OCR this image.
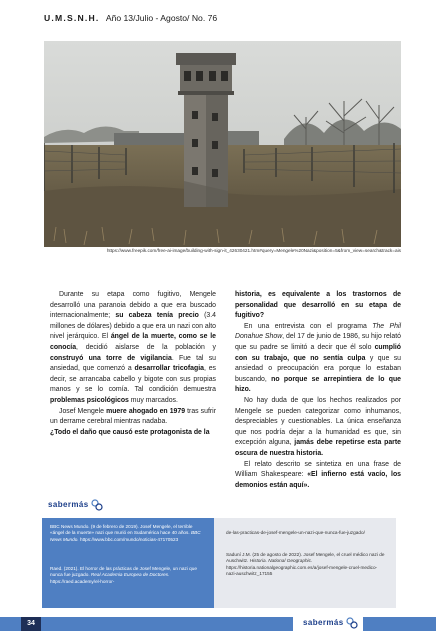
U.M.S.N.H. Año 13/Julio - Agosto/ No. 76
https://www.freepik.com/free-ai-image/building-with-sign-it_42630421.htm#query=Mengele%20Nazi&position=5&from_view=search&track=ais

Durante su etapa como fugitivo, Mengele desarrolló una paranoia debido a que era buscado internacionalmente; su cabeza tenía precio (3.4 millones de dólares) debido a que era un nazi con alto nivel jerárquico. El ángel de la muerte, como se le conocía, decidió aislarse de la población y construyó una torre de vigilancia. Fue tal su ansiedad, que comenzó a desarrollar tricofagia, es decir, se arrancaba cabello y bigote con sus propias manos y se lo comía. Tal condición demuestra problemas psicológicos muy marcados.

Josef Mengele muere ahogado en 1979 tras sufrir un derrame cerebral mientras nadaba.

¿Todo el daño que causó este protagonista de la

historia, es equivalente a los trastornos de personalidad que desarrolló en su etapa de fugitivo?

En una entrevista con el programa The Phil Donahue Show, del 17 de junio de 1986, su hijo relató que su padre se limitó a decir que él solo cumplió con su trabajo, que no sentía culpa y que su ansiedad o preocupación era porque lo estaban buscando, no porque se arrepintiera de lo que hizo.

No hay duda de que los hechos realizados por Mengele se pueden categorizar como inhumanos, despreciables y cuestionables. La única enseñanza que nos podría dejar a la humanidad es que, sin excepción alguna, jamás debe repetirse esta parte oscura de nuestra historia.

El relato descrito se sintetiza en una frase de William Shakespeare: «El infierno está vacío, los demonios están aquí».

sabermás
BBC News Mundo. (9 de febrero de 2019). Josef Mengele, el terrible «ángel de la muerte» nazi que murió en Sudamérica hace 40 años. BBC News Mundo. https://www.bbc.com/mundo/noticias-47170523
Raed. (2021). El horror de las prácticas de Josef Mengele, un nazi que nunca fue juzgado. Real Academia Europea de Doctores. https://raed.academy/el-horror-
de-las-practicas-de-josef-mengele-un-nazi-que-nunca-fue-juzgado/
Saduní J.M. (25 de agosto de 2022). Josef Mengele, el cruel médico nazi de Auschwitz. Historia. National Geographic. https://historia.nationalgeographic.com.es/a/josef-mengele-cruel-medico-nazi-auschwitz_17155
34	sabermás
